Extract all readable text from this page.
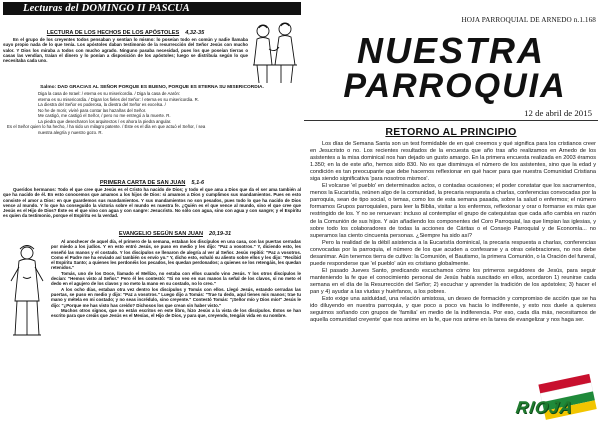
Lecturas del DOMINGO II PASCUA
LECTURA DE LOS HECHOS DE LOS APÓSTOLES 4,32-35

En el grupo de los creyentes todos pensaban y sentían lo mismo: lo poseían todo en común y nadie llamaba suyo propio nada de lo que tenía. Los apóstoles daban testimonio de la resurrección del Señor Jesús con mucho valor. Y Dios los miraba a todos con mucho agrado. Ninguno pasaba necesidad, pues los que poseían tierras o casas las vendían, traían el dinero y lo ponían a disposición de los apóstoles; luego se distribuía según lo que necesitaba cada uno.

Salmo: DAD GRACIAS AL SEÑOR PORQUE ES BUENO, PORQUE ES ETERNA SU MISERICORDIA.
Diga la casa de Israel: / eterna es su misericordia. / Diga la casa de Aarón:
eterna es su misericordia. / Digan los fieles del Señor: / eterna es su misericordia. R.
La diestra del Señor es poderosa, la diestra del Señor es excelsa. /
No he de morir, viviré para contar las hazañas del Señor.
Me castigó, me castigó el Señor, / pero no me entregó a la muerte. R.
La piedra que desecharon los arquitectos / es ahora la piedra angular.
Es el Señor quien lo ha hecho, / ha sido un milagro patente. / Éste es el día en que actuó el Señor, / sea
nuestra alegría y nuestro gozo. R.
PRIMERA CARTA DE SAN JUAN 5,1-6

Queridos hermanos: Todo el que cree que Jesús es el Cristo ha nacido de Dios; y todo el que ama a Dios que da el ser ama también al que ha nacido de él. En esto conocemos que amamos a los hijos de Dios: si amamos a Dios y cumplimos sus mandamientos. Pues en esto consiste el amor a Dios: en que guardemos sus mandamientos. Y sus mandamientos no son pesados, pues todo lo que ha nacido de Dios vence al mundo. Y lo que ha conseguido la victoria sobre el mundo es nuestra fe. ¿Quién es el que vence al mundo, sino el que cree que Jesús es el Hijo de Dios? Éste es el que vino con agua y con sangre: Jesucristo. No sólo con agua, sino con agua y con sangre; y el Espíritu es quien da testimonio, porque el Espíritu es la verdad.

EVANGELIO SEGÚN SAN JUAN 20,19-31

Al anochecer de aquel día, el primero de la semana, estaban los discípulos en una casa, con las puertas cerradas por miedo a los judíos. Y en esto entró Jesús, se puso en medio y les dijo: "Paz a vosotros." Y, diciendo esto, les enseñó las manos y el costado. Y los discípulos se llenaron de alegría al ver al Señor. Jesús repitió: "Paz a vosotros. Como el Padre me ha enviado así también os envío yo." Y, dicho esto, exhaló su aliento sobre ellos y les dijo: "Recibid el Espíritu Santo; a quienes les perdonéis los pecados, les quedan perdonados; a quienes se los retengáis, les quedan retenidos."

Tomás, uno de los Doce, llamado el Mellizo, no estaba con ellos cuando vino Jesús. Y los otros discípulos le decían: "Hemos visto al Señor." Pero él les contestó: "Si no veo en sus manos la señal de los clavos, si no meto el dedo en el agujero de los clavos y no meto la mano en su costado, no lo creo."

A los ocho días, estaban otra vez dentro los discípulos y Tomás con ellos. Llegó Jesús, estando cerradas las puertas, se puso en medio y dijo: "Paz a vosotros." Luego dijo a Tomás: "Trae tu dedo, aquí tienes mis manos; trae tu mano y métela en mi costado; y no seas incrédulo, sino creyente." Contestó Tomás: "¡Señor mío y Dios mío!" Jesús le dijo: "¿Porque me has visto has creído? Dichosos los que crean sin haber visto."

Muchos otros signos, que no están escritos en este libro, hizo Jesús a la vista de los discípulos. Éstos se han escrito para que creáis que Jesús es el Mesías, el Hijo de Dios, y para que, creyendo, tengáis vida en su nombre.

HOJA PARROQUIAL DE ARNEDO n.1.168
NUESTRA
PARROQUIA
12 de abril de 2015
RETORNO AL PRINCIPIO

Los días de Semana Santa son un test formidable de en qué creemos y qué significa para los cristianos creer en Jesucristo o no. Los recientes resultados de la encuesta que año tras año realizamos en Arnedo de los asistentes a la misa dominical nos han dejado un gusto amargo. En la primera encuesta realizada en 2003 éramos 1.350; en la de este año, hemos sido 830. No es que disminuya el número de los asistentes, sino que la edad y condición es tan preocupante que debe hacernos reflexionar en qué hacer para que nuestra Comunidad Cristiana siga siendo significativa 'para nosotros mismos'.

El volcarse 'el pueblo' en determinados actos, o contadas ocasiones; el poder constatar que los sacramentos, menos la Eucaristía, reúnen algo de la comunidad, la precaria respuesta a charlas, conferencias convocadas por la parroquia, sean de tipo social, o temas, como los de esta semana pasada, sobre la salud o enfermos; el número formamos Grupos parroquiales, para leer la Biblia, visitar a los enfermos, reflexionar y orar o formarse es más que restringido de los. Y no se renuevan: incluso al contemplar el grupo de catequistas que cada año cambia en razón de la Comunión de sus hijos. Y aún añadiendo los componentes del Coro Parroquial, las que limpian las iglesias, y sobre todo los colaboradores de todas la acciones de Cáritas o el Consejo Parroquial y de Economía... no superamos las ciento cincuenta personas. ¿Siempre ha sido así?

Pero la realidad de la débil asistencia a la Eucaristía dominical, la precaria respuesta a charlas, conferencias convocadas por la parroquia, el número de los que acuden a confesarse y a otras celebraciones, no nos debe desanimar. Aún tenemos tierra de cultivo: la Comunión, el Bautismo, la primera Comunión, o la Oración del funeral, puede responderse que 'el pueblo' aún es cristiano globalmente.

El pasado Jueves Santo, predicando escuchamos cómo los primeros seguidores de Jesús, para seguir manteniendo la fe que el conocimiento personal de Jesús había suscitado en ellos, acordaron 1) reunirse cada semana en el día de la Resurrección del Señor; 2) escuchar y aprender la tradición de los apóstoles; 3) hacer el pan y 4) ayudar a las viudas y huérfanos, a los pobres.

Esto exige una asiduidad, una relación amistosa, un deseo de formación y compromiso de acción que se ha ido diluyendo en nuestra parroquia, y que poco a poco va hacia lo indiferente, y esto nos duele a quienes seguimos soñando con grupos de 'familia' en medio de la indiferencia. Por eso, cada día más, necesitamos de aquella comunidad creyente' que nos anime en la fe, que nos anime en la tarea de evangelizar y nos haga ser.

RIOJA
